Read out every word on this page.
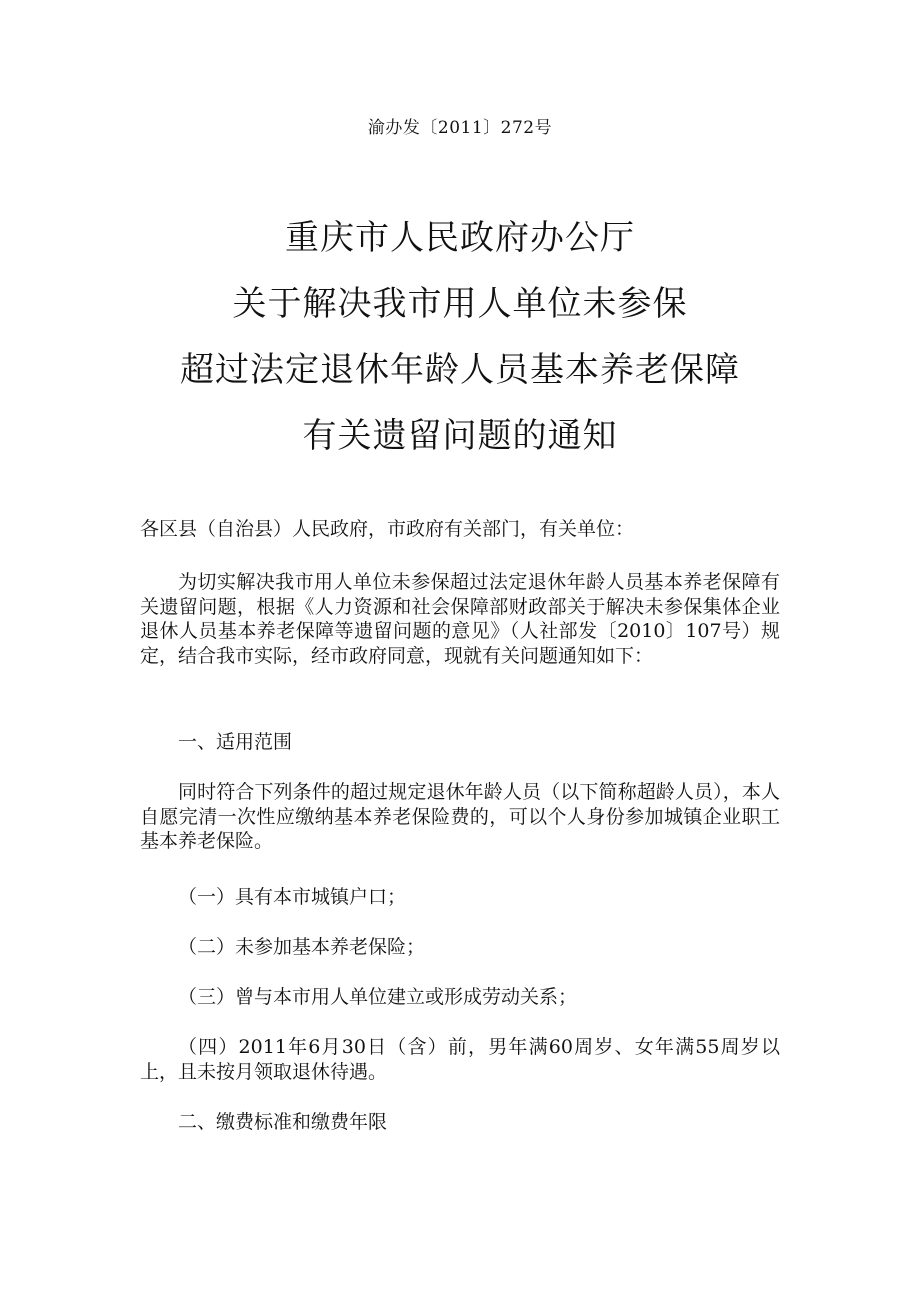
渝办发〔2011〕272号
重庆市人民政府办公厅
关于解决我市用人单位未参保
超过法定退休年龄人员基本养老保障
有关遗留问题的通知
各区县（自治县）人民政府，市政府有关部门，有关单位：
为切实解决我市用人单位未参保超过法定退休年龄人员基本养老保障有关遗留问题，根据《人力资源和社会保障部财政部关于解决未参保集体企业退休人员基本养老保障等遗留问题的意见》（人社部发〔2010〕107号）规定，结合我市实际，经市政府同意，现就有关问题通知如下：
一、适用范围
同时符合下列条件的超过规定退休年龄人员（以下简称超龄人员），本人自愿完清一次性应缴纳基本养老保险费的，可以个人身份参加城镇企业职工基本养老保险。
（一）具有本市城镇户口；
（二）未参加基本养老保险；
（三）曾与本市用人单位建立或形成劳动关系；
（四）2011年6月30日（含）前，男年满60周岁、女年满55周岁以上，且未按月领取退休待遇。
二、缴费标准和缴费年限
